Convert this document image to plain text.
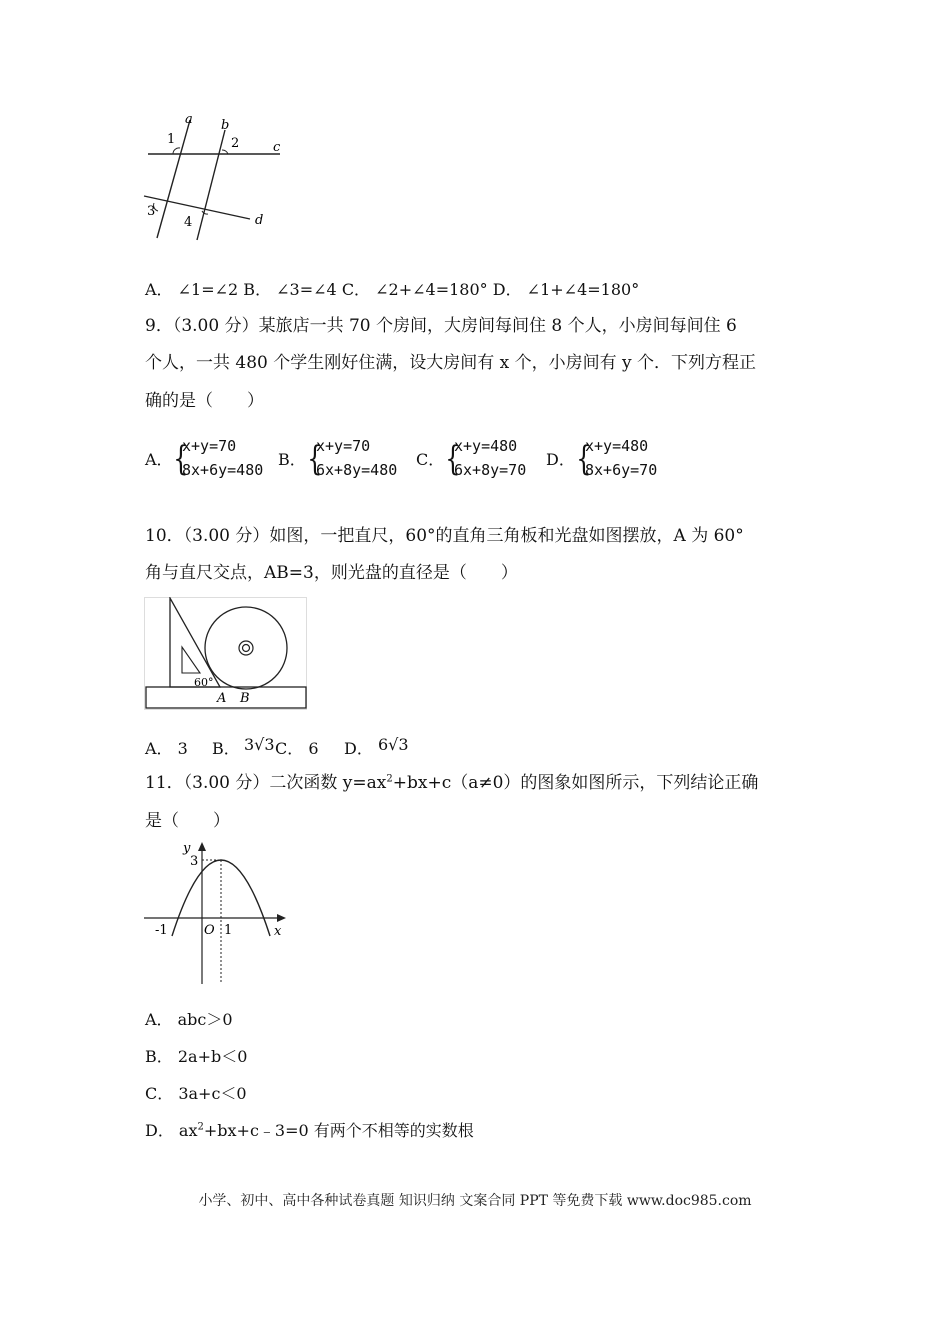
a b
c
d
1	2
3
4
A． ∠1=∠2 B． ∠3=∠4 C． ∠2+∠4=180° D． ∠1+∠4=180°
9．（3.00 分）某旅店一共 70 个房间，大房间每间住 8 个人，小房间每间住 6
个人，一共 480 个学生刚好住满，设大房间有 x 个，小房间有 y 个．下列方程正
确的是（　　）
A． {
x+y=70
8x+6y=480
B． {
x+y=70
6x+8y=480
C． {
x+y=480
6x+8y=70
D． {
x+y=480
8x+6y=70
10．（3.00 分）如图，一把直尺，60°的直角三角板和光盘如图摆放，A 为 60°
角与直尺交点，AB=3，则光盘的直径是（　　）
60°
A B
A． 3 B． 3√3 C． 6 D． 6√3
11．（3.00 分）二次函数 $y=ax^2+bx+c(a\ne 0)$的图象如图所示，下列结论正确
是（　　）
y
x
3
O 1
-1
A． abc＞0
B． 2a+b＜0
C． 3a+c＜0
D． $ax^2+bx+c﹣3=0$ 有两个不相等的实数根
小学、初中、高中各种试卷真题 知识归纳 文案合同 PPT 等免费下载 www.doc985.com
